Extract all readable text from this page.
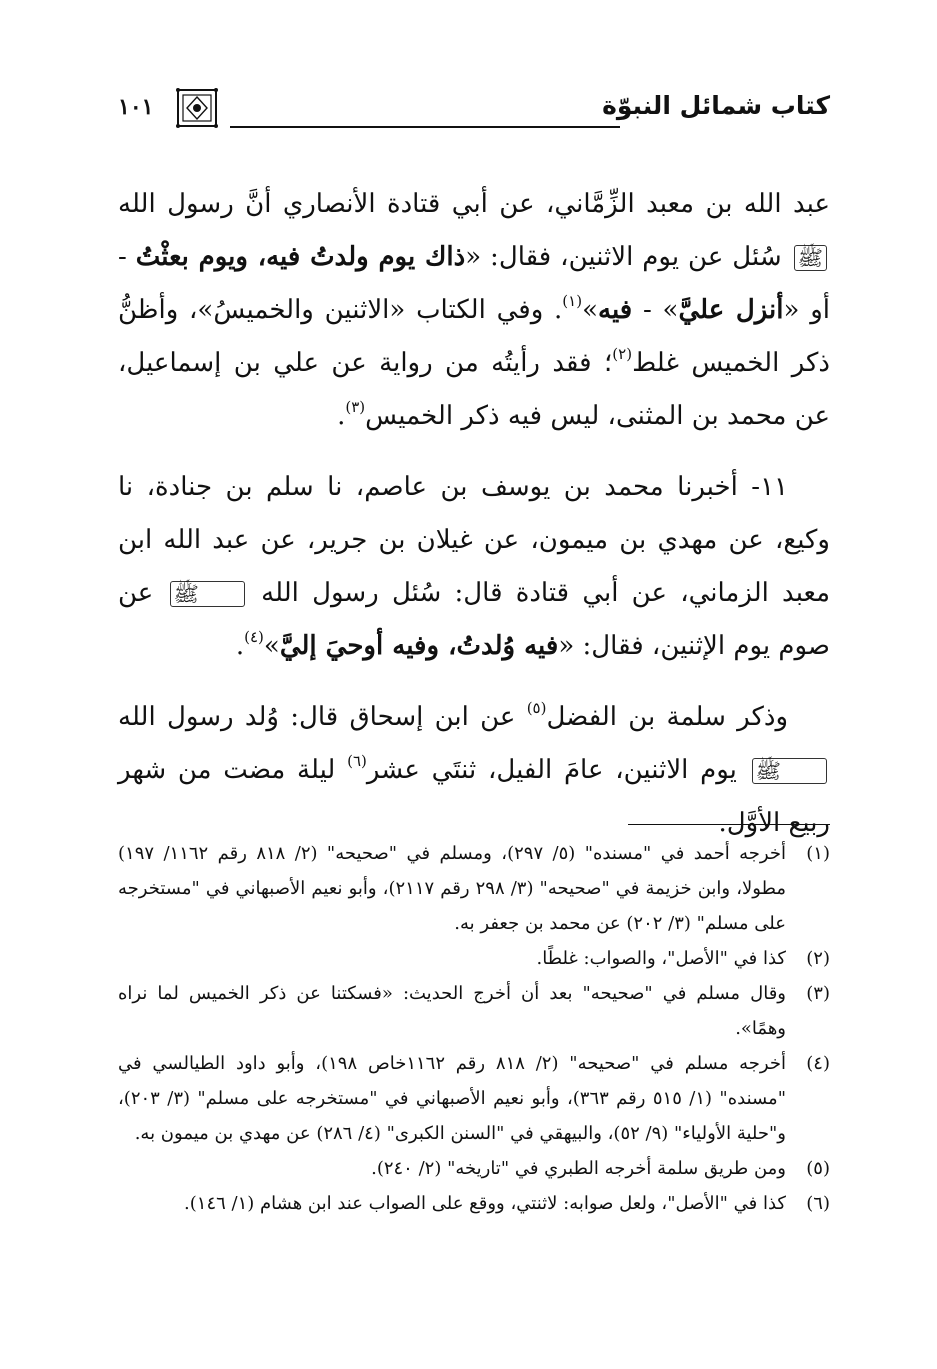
كتاب شمائل النبوّة
١٠١

عبد الله بن معبد الزِّمَّاني، عن أبي قتادة الأنصاري أنَّ رسول الله ﷺ سُئل عن يوم الاثنين، فقال: «ذاك يوم ولدتُ فيه، ويوم بعثْتُ - أو «أنزل عليَّ» - فيه»$^{(١)}$. وفي الكتاب «الاثنين والخميسُ»، وأظنُّ ذكر الخميس غلط$^{(٢)}$؛ فقد رأيتُه من رواية عن علي بن إسماعيل، عن محمد بن المثنى، ليس فيه ذكر الخميس$^{(٣)}$.

١١- أخبرنا محمد بن يوسف بن عاصم، نا سلم بن جنادة، نا وكيع، عن مهدي بن ميمون، عن غيلان بن جرير، عن عبد الله ابن معبد الزماني، عن أبي قتادة قال: سُئل رسول الله ﷺ عن صوم يوم الإثنين، فقال: «فيه وُلدتُ، وفيه أوحيَ إليَّ»$^{(٤)}$.

وذكر سلمة بن الفضل$^{(٥)}$ عن ابن إسحاق قال: وُلد رسول الله ﷺ يوم الاثنين، عامَ الفيل، ثنتَي عشر$^{(٦)}$ ليلة مضت من شهر ربيع الأوَّل.

(١)
أخرجه أحمد في "مسنده" (٥/ ٢٩٧)، ومسلم في "صحيحه" (٢/ ٨١٨ رقم ١١٦٢/ ١٩٧) مطولا، وابن خزيمة في "صحيحه" (٣/ ٢٩٨ رقم ٢١١٧)، وأبو نعيم الأصبهاني في "مستخرجه على مسلم" (٣/ ٢٠٢) عن محمد بن جعفر به.
(٢)
كذا في "الأصل"، والصواب: غلطًا.
(٣)
وقال مسلم في "صحيحه" بعد أن أخرج الحديث: «فسكتنا عن ذكر الخميس لما نراه وهمًا».
(٤)
أخرجه مسلم في "صحيحه" (٢/ ٨١٨ رقم ١١٦٢خاص ١٩٨)، وأبو داود الطيالسي في "مسنده" (١/ ٥١٥ رقم ٣٦٣)، وأبو نعيم الأصبهاني في "مستخرجه على مسلم" (٣/ ٢٠٣)، و"حلية الأولياء" (٩/ ٥٢)، والبيهقي في "السنن الكبرى" (٤/ ٢٨٦) عن مهدي بن ميمون به.
(٥)
ومن طريق سلمة أخرجه الطبري في "تاريخه" (٢/ ٢٤٠).
(٦)
كذا في "الأصل"، ولعل صوابه: لاثنتي، ووقع على الصواب عند ابن هشام (١/ ١٤٦).
